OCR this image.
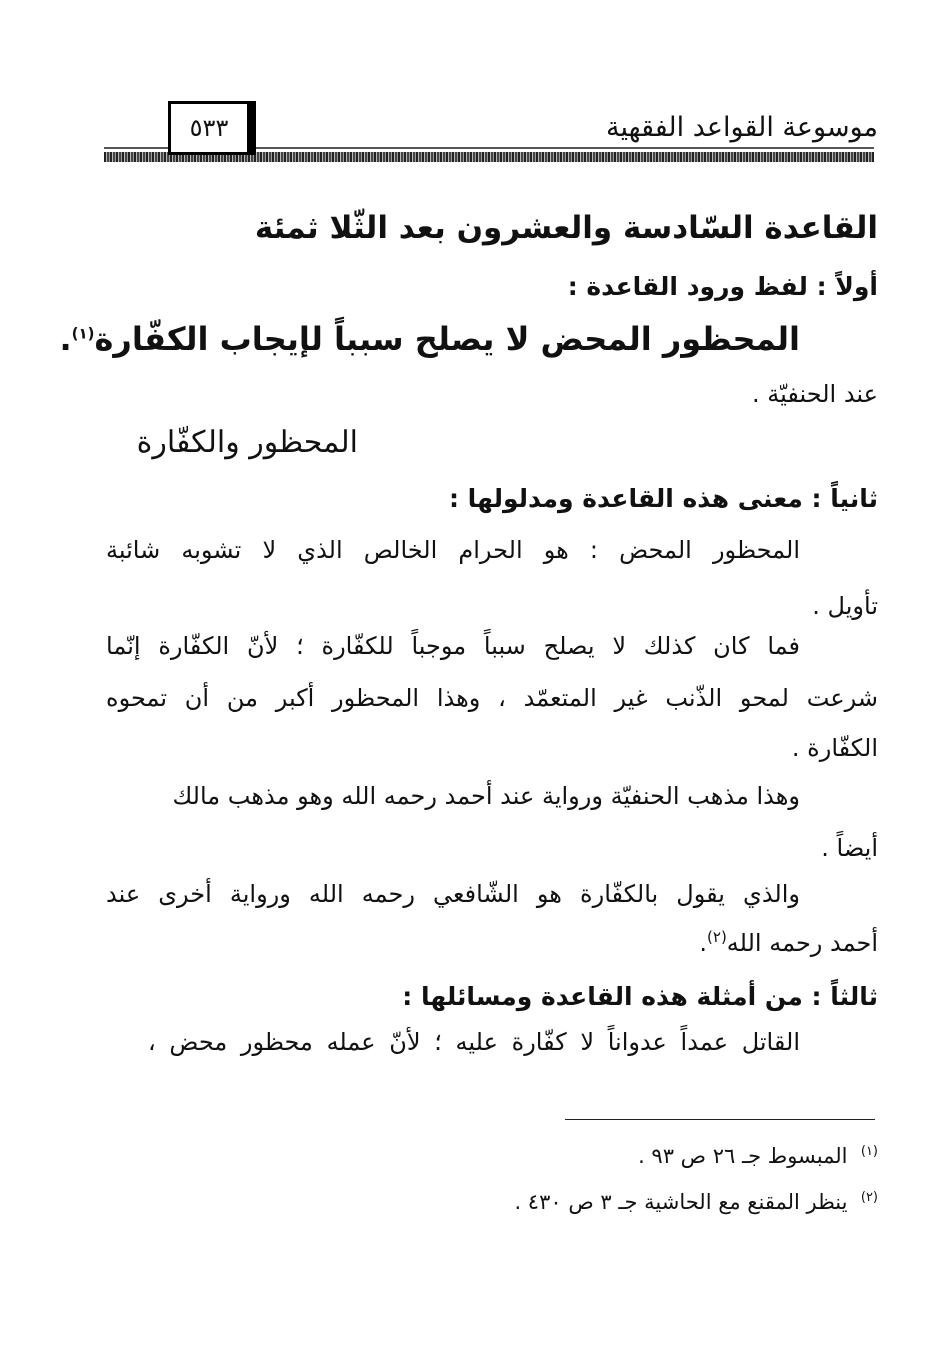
موسوعة القواعد الفقهية
٥٣٣
القاعدة السّادسة والعشرون بعد الثّلا ثمئة
أولاً : لفظ ورود القاعدة :
المحظور المحض لا يصلح سبباً لإيجاب الكفّارة$^{(١)}$.
عند الحنفيّة .
المحظور والكفّارة
ثانياً : معنى هذه القاعدة ومدلولها :
المحظور المحض : هو الحرام الخالص الذي لا تشوبه شائبة
تأويل .
فما كان كذلك لا يصلح سبباً موجباً للكفّارة ؛ لأنّ الكفّارة إنّما
شرعت لمحو الذّنب غير المتعمّد ، وهذا المحظور أكبر من أن تمحوه
الكفّارة .
وهذا مذهب الحنفيّة ورواية عند أحمد رحمه الله وهو مذهب مالك
أيضاً .
والذي يقول بالكفّارة هو الشّافعي رحمه الله ورواية أخرى عند
أحمد رحمه الله$^{(٢)}$.
ثالثاً : من أمثلة هذه القاعدة ومسائلها :
القاتل عمداً عدواناً لا كفّارة عليه ؛ لأنّ عمله محظور محض ،
$^{(١)}$  المبسوط جـ ٢٦ ص ٩٣ .
$^{(٢)}$  ينظر المقنع مع الحاشية جـ ٣ ص ٤٣٠ .
